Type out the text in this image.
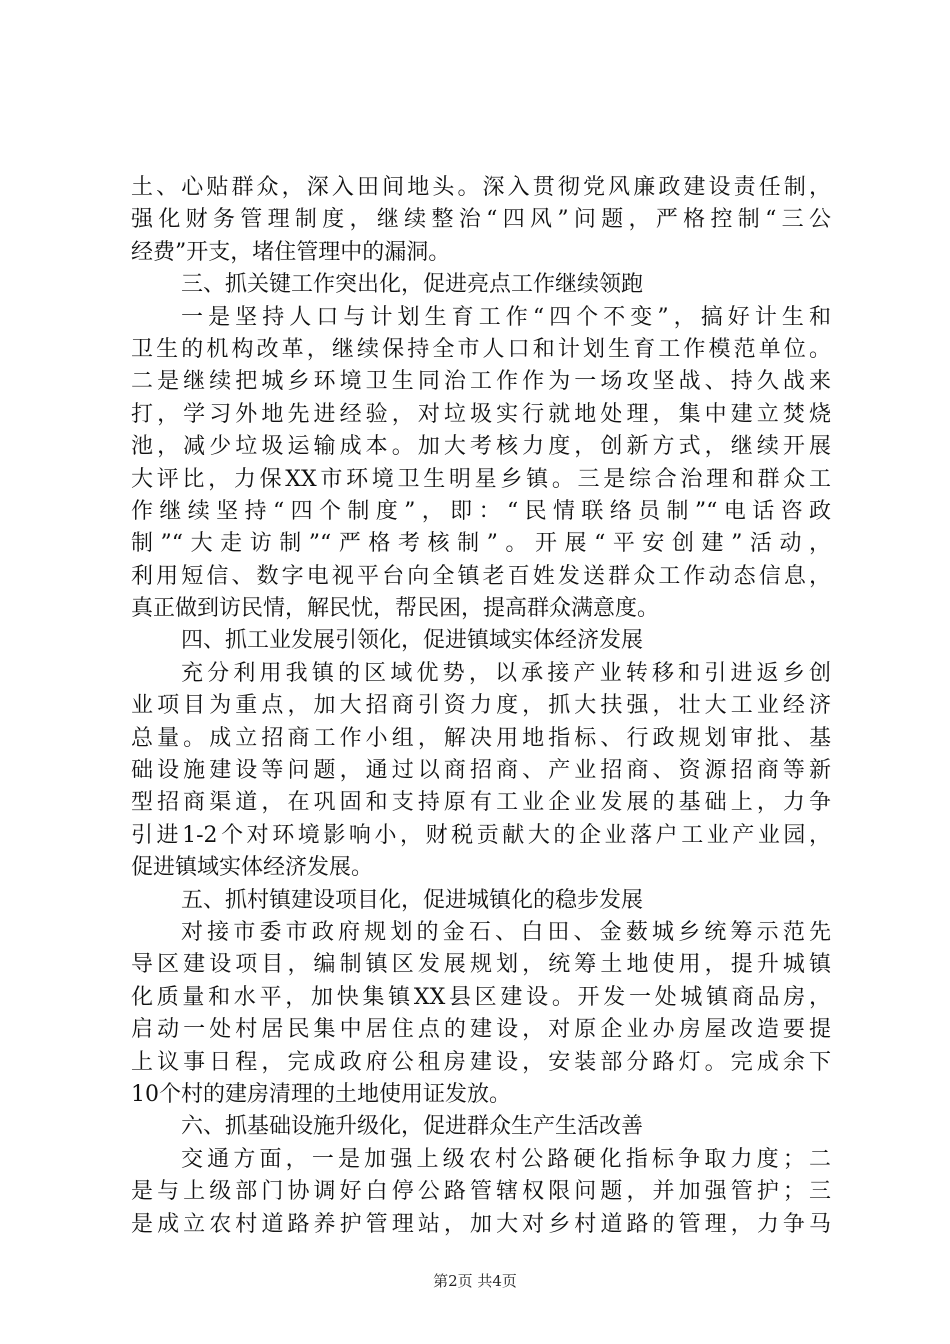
土、心贴群众，深入田间地头。深入贯彻党风廉政建设责任制，
强化财务管理制度，继续整治“四风”问题，严格控制“三公
经费”开支，堵住管理中的漏洞。
三、抓关键工作突出化，促进亮点工作继续领跑
一是坚持人口与计划生育工作“四个不变”，搞好计生和
卫生的机构改革，继续保持全市人口和计划生育工作模范单位。
二是继续把城乡环境卫生同治工作作为一场攻坚战、持久战来
打，学习外地先进经验，对垃圾实行就地处理，集中建立焚烧
池，减少垃圾运输成本。加大考核力度，创新方式，继续开展
大评比，力保XX市环境卫生明星乡镇。三是综合治理和群众工
作继续坚持“四个制度”，即：“民情联络员制”“电话咨政
制”“大走访制”“严格考核制”。开展“平安创建”活动，
利用短信、数字电视平台向全镇老百姓发送群众工作动态信息，
真正做到访民情，解民忧，帮民困，提高群众满意度。
四、抓工业发展引领化，促进镇域实体经济发展
充分利用我镇的区域优势，以承接产业转移和引进返乡创
业项目为重点，加大招商引资力度，抓大扶强，壮大工业经济
总量。成立招商工作小组，解决用地指标、行政规划审批、基
础设施建设等问题，通过以商招商、产业招商、资源招商等新
型招商渠道，在巩固和支持原有工业企业发展的基础上，力争
引进1-2个对环境影响小，财税贡献大的企业落户工业产业园，
促进镇域实体经济发展。
五、抓村镇建设项目化，促进城镇化的稳步发展
对接市委市政府规划的金石、白田、金薮城乡统筹示范先
导区建设项目，编制镇区发展规划，统筹土地使用，提升城镇
化质量和水平，加快集镇XX县区建设。开发一处城镇商品房，
启动一处村居民集中居住点的建设，对原企业办房屋改造要提
上议事日程，完成政府公租房建设，安装部分路灯。完成余下
10个村的建房清理的土地使用证发放。
六、抓基础设施升级化，促进群众生产生活改善
交通方面，一是加强上级农村公路硬化指标争取力度；二
是与上级部门协调好白停公路管辖权限问题，并加强管护；三
是成立农村道路养护管理站，加大对乡村道路的管理，力争马
第2页 共4页
